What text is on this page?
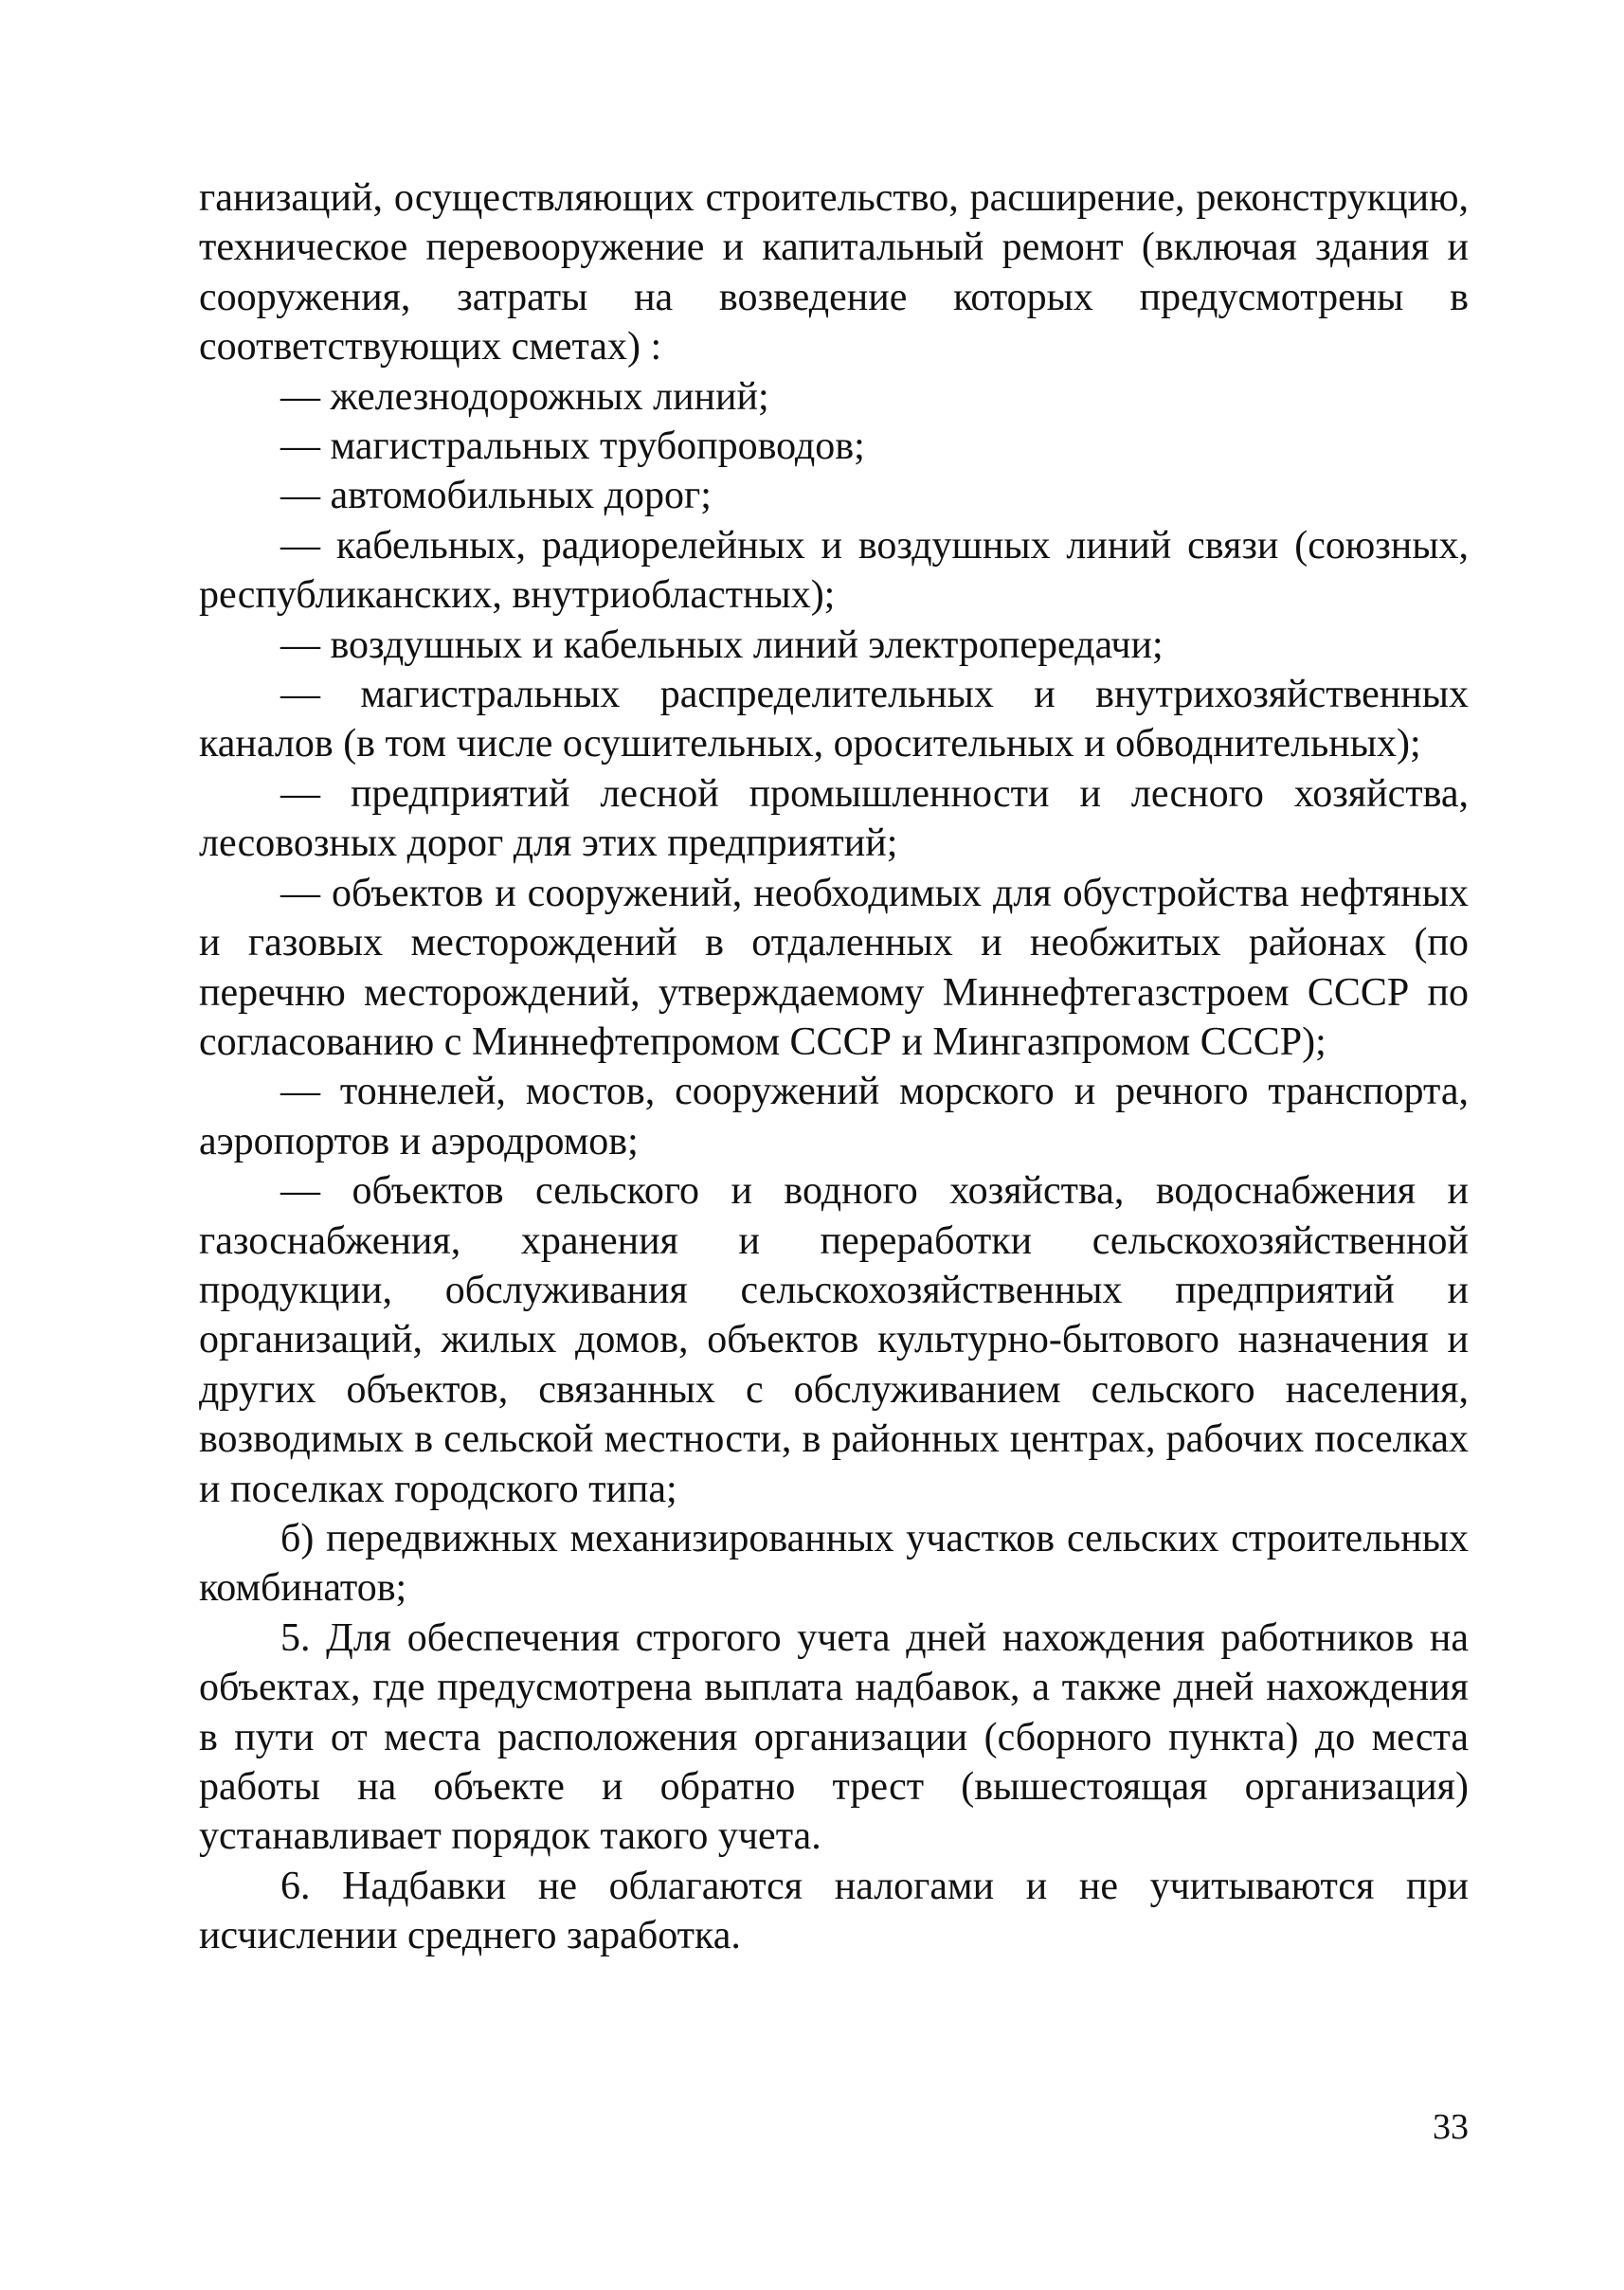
ганизаций, осуществляющих строительство, расширение, реконструкцию, техническое перевооружение и капитальный ремонт (включая здания и сооружения, затраты на возведение которых предусмотрены в соответствующих сметах) :

— железнодорожных линий;

— магистральных трубопроводов;

— автомобильных дорог;

— кабельных, радиорелейных и воздушных линий связи (союзных, республиканских, внутриобластных);

— воздушных и кабельных линий электропередачи;

— магистральных распределительных и внутрихозяйственных каналов (в том числе осушительных, оросительных и обводнительных);

— предприятий лесной промышленности и лесного хозяйства, лесовозных дорог для этих предприятий;

— объектов и сооружений, необходимых для обустройства нефтяных и газовых месторождений в отдаленных и необжитых районах (по перечню месторождений, утверждаемому Миннефтегазстроем СССР по согласованию с Миннефтепромом СССР и Мингазпромом СССР);

— тоннелей, мостов, сооружений морского и речного транспорта, аэропортов и аэродромов;

— объектов сельского и водного хозяйства, водоснабжения и газоснабжения, хранения и переработки сельскохозяйственной продукции, обслуживания сельскохозяйственных предприятий и организаций, жилых домов, объектов культурно-бытового назначения и других объектов, связанных с обслуживанием сельского населения, возводимых в сельской местности, в районных центрах, рабочих поселках и поселках городского типа;

б) передвижных механизированных участков сельских строительных комбинатов;

5. Для обеспечения строгого учета дней нахождения работников на объектах, где предусмотрена выплата надбавок, а также дней нахождения в пути от места расположения организации (сборного пункта) до места работы на объекте и обратно трест (вышестоящая организация) устанавливает порядок такого учета.

6. Надбавки не облагаются налогами и не учитываются при исчислении среднего заработка.

33
